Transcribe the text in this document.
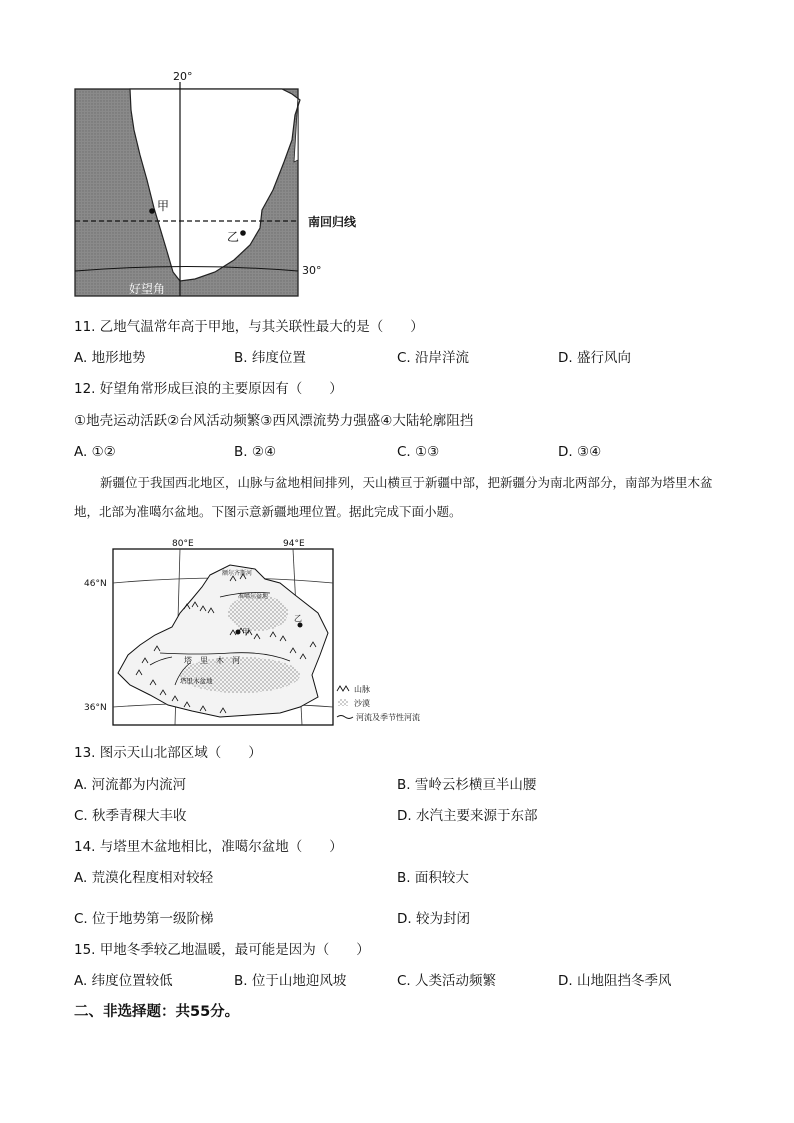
20°
30°
南回归线
甲
乙
好望角
11. 乙地气温常年高于甲地，与其关联性最大的是（　　）
A. 地形地势	B. 纬度位置	C. 沿岸洋流	D. 盛行风向
12. 好望角常形成巨浪的主要原因有（　　）
①地壳运动活跃②台风活动频繁③西风漂流势力强盛④大陆轮廓阻挡
A. ①②	B. ②④	C. ①③	D. ③④
新疆位于我国西北地区，山脉与盆地相间排列，天山横亘于新疆中部，把新疆分为南北两部分，南部为塔里木盆地，北部为准噶尔盆地。下图示意新疆地理位置。据此完成下面小题。
80°E	94°E
46°N
36°N
额尔齐斯河
准噶尔盆地
甲
乙
塔　里　木　河
塔里木盆地
山脉
沙漠
河流及季节性河流
13. 图示天山北部区域（　　）
A. 河流都为内流河	B. 雪岭云杉横亘半山腰
C. 秋季青稞大丰收	D. 水汽主要来源于东部
14. 与塔里木盆地相比，准噶尔盆地（　　）
A. 荒漠化程度相对较轻	B. 面积较大
C. 位于地势第一级阶梯	D. 较为封闭
15. 甲地冬季较乙地温暖，最可能是因为（　　）
A. 纬度位置较低	B. 位于山地迎风坡	C. 人类活动频繁	D. 山地阻挡冬季风
二、非选择题：共55分。
